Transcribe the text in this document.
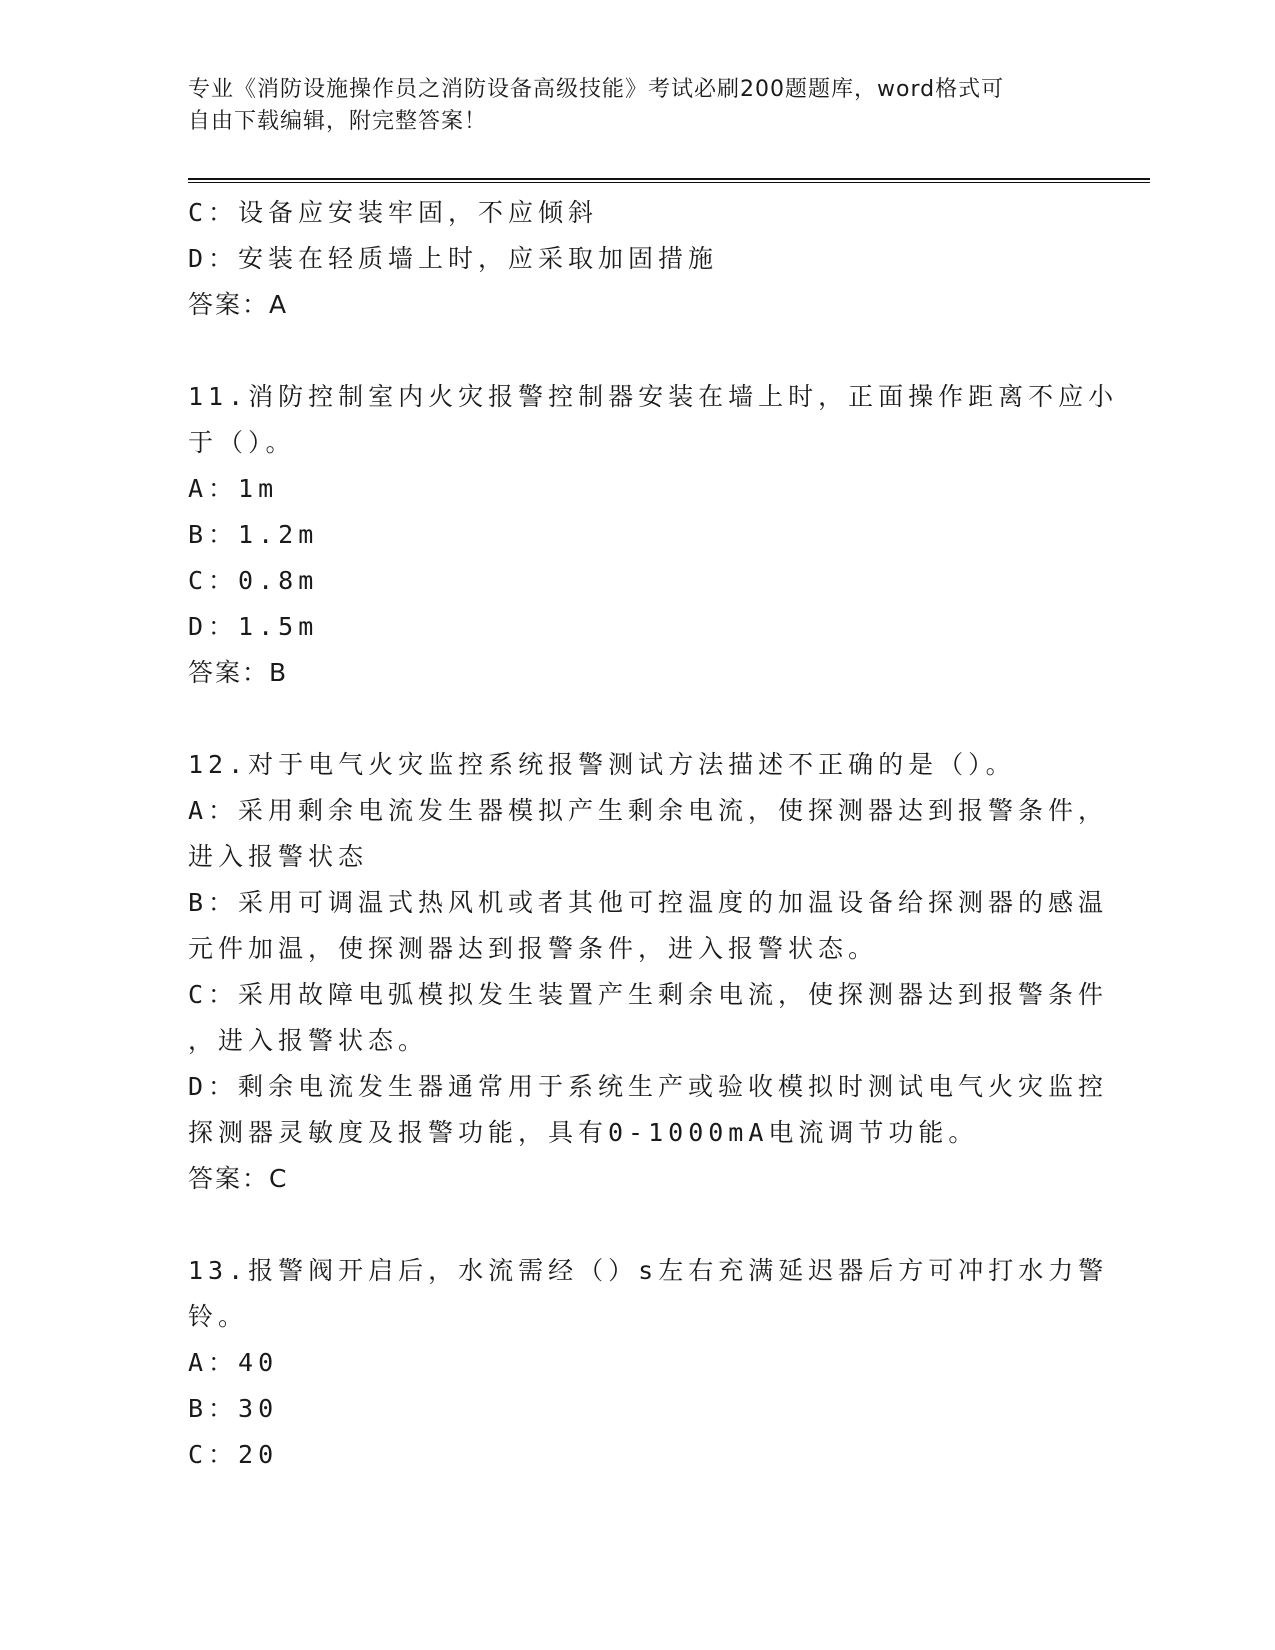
专业《消防设施操作员之消防设备高级技能》考试必刷200题题库，word格式可
自由下载编辑，附完整答案！
C：设备应安装牢固，不应倾斜
D：安装在轻质墙上时，应采取加固措施
答案：A
11.消防控制室内火灾报警控制器安装在墙上时，正面操作距离不应小
于（）。
A：1m
B：1.2m
C：0.8m
D：1.5m
答案：B
12.对于电气火灾监控系统报警测试方法描述不正确的是（）。
A：采用剩余电流发生器模拟产生剩余电流，使探测器达到报警条件，
进入报警状态
B：采用可调温式热风机或者其他可控温度的加温设备给探测器的感温
元件加温，使探测器达到报警条件，进入报警状态。
C：采用故障电弧模拟发生装置产生剩余电流，使探测器达到报警条件
，进入报警状态。
D：剩余电流发生器通常用于系统生产或验收模拟时测试电气火灾监控
探测器灵敏度及报警功能，具有0-1000mA电流调节功能。
答案：C
13.报警阀开启后，水流需经（）s左右充满延迟器后方可冲打水力警
铃。
A：40
B：30
C：20
